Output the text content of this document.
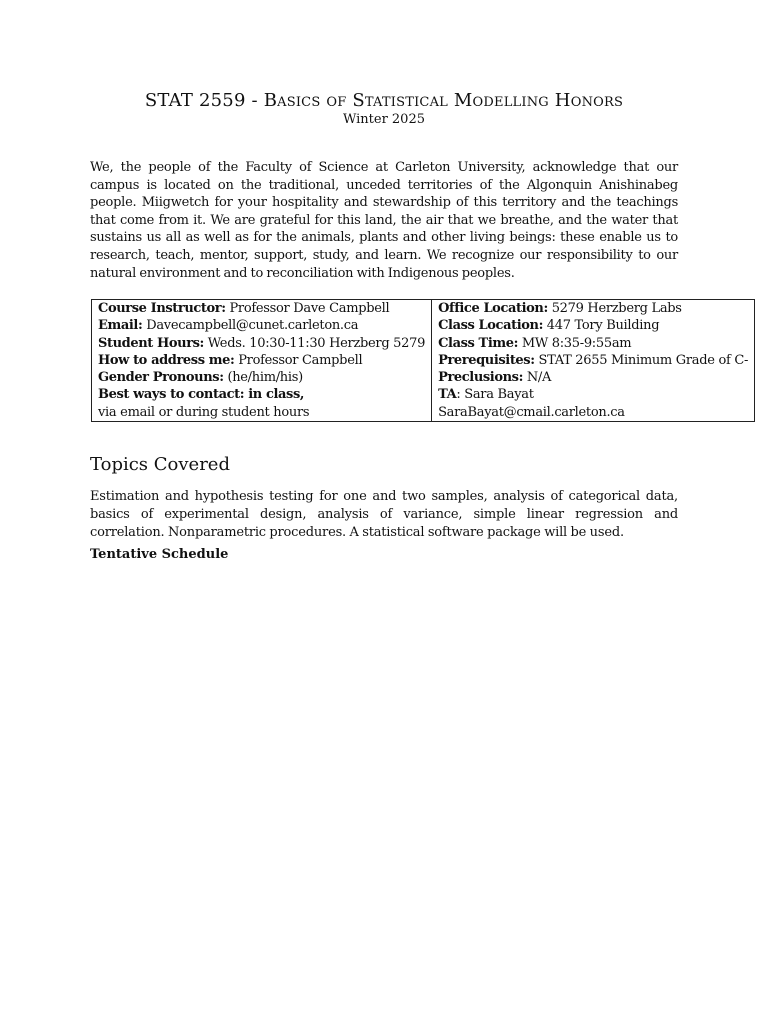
STAT 2559 - Basics of Statistical Modelling Honors
Winter 2025

We, the people of the Faculty of Science at Carleton University, acknowledge that our campus is located on the traditional, unceded territories of the Algonquin Anishinabeg people. Miigwetch for your hospitality and stewardship of this territory and the teachings that come from it. We are grateful for this land, the air that we breathe, and the water that sustains us all as well as for the animals, plants and other living beings: these enable us to research, teach, mentor, support, study, and learn. We recognize our responsibility to our natural environment and to reconciliation with Indigenous peoples.

Course Instructor: Professor Dave Campbell	Office Location: 5279 Herzberg Labs
Email: Davecampbell@cunet.carleton.ca	Class Location: 447 Tory Building
Student Hours: Weds. 10:30-11:30 Herzberg 5279	Class Time: MW 8:35-9:55am
How to address me: Professor Campbell	Prerequisites: STAT 2655 Minimum Grade of C-
Gender Pronouns: (he/him/his)	Preclusions: N/A
Best ways to contact: in class,	TA: Sara Bayat
via email or during student hours	SaraBayat@cmail.carleton.ca
Topics Covered

Estimation and hypothesis testing for one and two samples, analysis of categorical data, basics of experimental design, analysis of variance, simple linear regression and correlation. Nonparametric procedures. A statistical software package will be used.

Tentative Schedule
